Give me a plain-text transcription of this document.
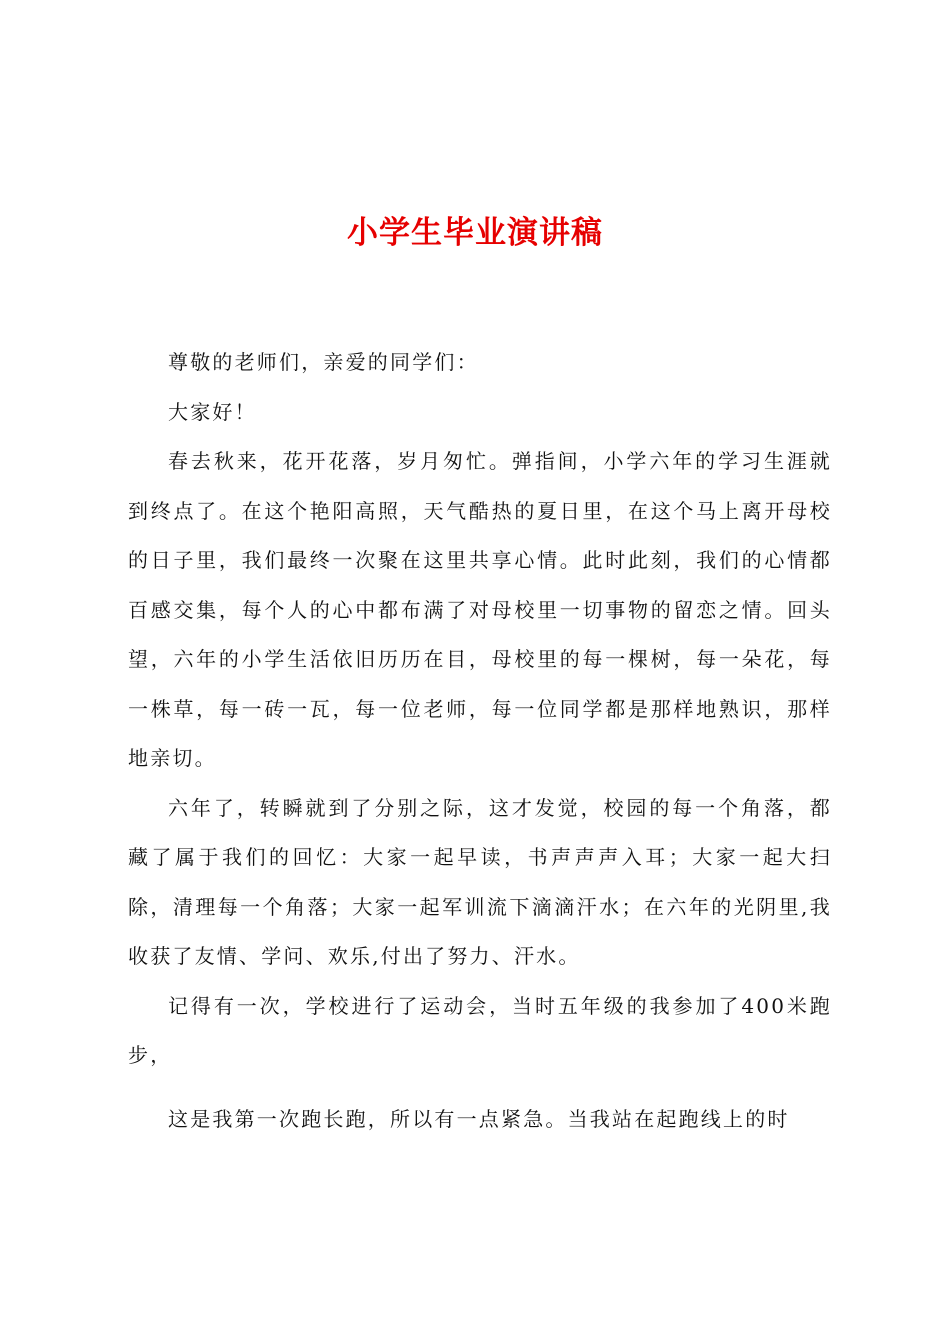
小学生毕业演讲稿

尊敬的老师们，亲爱的同学们：

大家好！

春去秋来，花开花落，岁月匆忙。弹指间，小学六年的学习生涯就到终点了。在这个艳阳高照，天气酷热的夏日里，在这个马上离开母校的日子里，我们最终一次聚在这里共享心情。此时此刻，我们的心情都百感交集，每个人的心中都布满了对母校里一切事物的留恋之情。回头望，六年的小学生活依旧历历在目，母校里的每一棵树，每一朵花，每一株草，每一砖一瓦，每一位老师，每一位同学都是那样地熟识，那样地亲切。

六年了，转瞬就到了分别之际，这才发觉，校园的每一个角落，都藏了属于我们的回忆：大家一起早读，书声声声入耳；大家一起大扫除，清理每一个角落；大家一起军训流下滴滴汗水；在六年的光阴里,我收获了友情、学问、欢乐,付出了努力、汗水。

记得有一次，学校进行了运动会，当时五年级的我参加了400米跑步，

这是我第一次跑长跑，所以有一点紧急。当我站在起跑线上的时
